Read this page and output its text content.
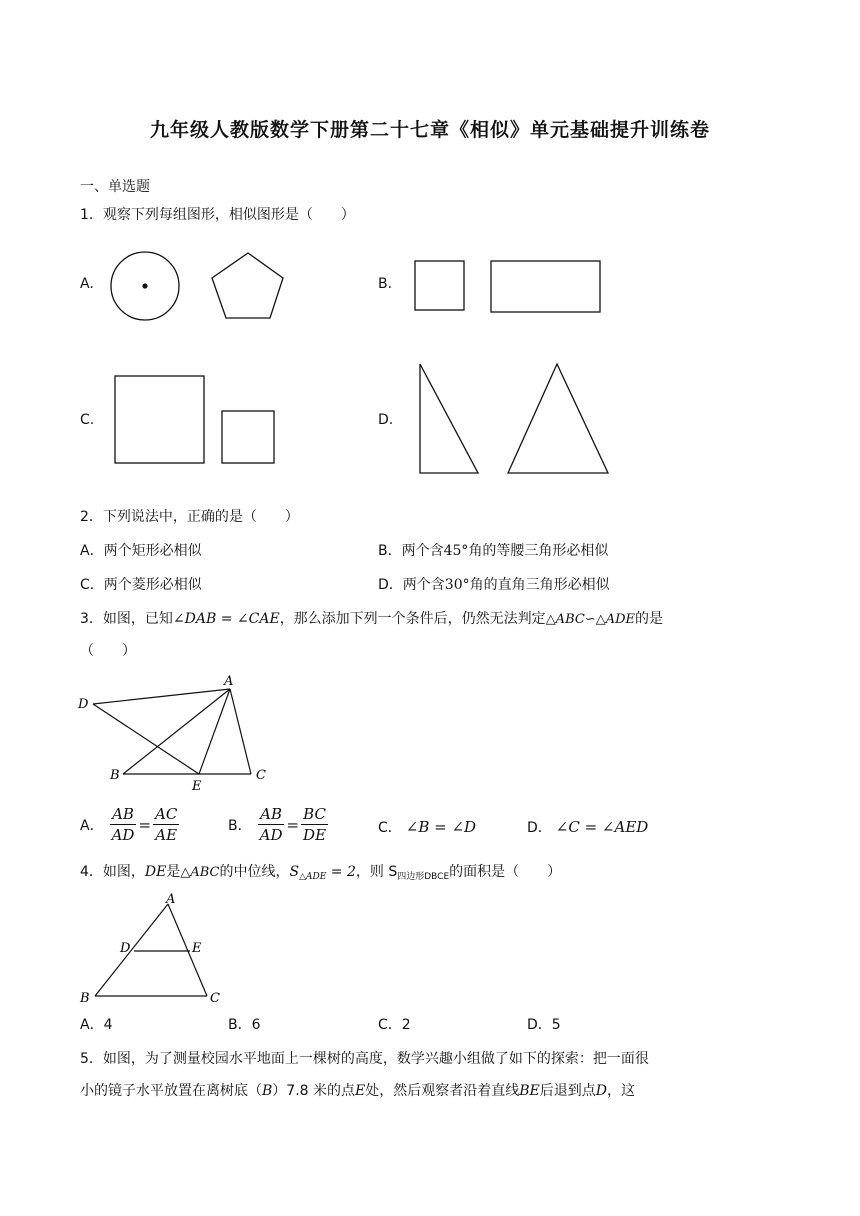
九年级人教版数学下册第二十七章《相似》单元基础提升训练卷
一、单选题
1．观察下列每组图形，相似图形是（　　）
A.	B.
C.	D.
2．下列说法中，正确的是（　　）
A．两个矩形必相似	B．两个含45°角的等腰三角形必相似
C．两个菱形必相似	D．两个含30°角的直角三角形必相似
3．如图，已知∠DAB = ∠CAE，那么添加下列一个条件后，仍然无法判定△ABC∽△ADE的是
（　　）
A
D
B
E
C
A． $\frac{AB}{AD} = \frac{AC}{AE}$	B． $\frac{AB}{AD} = \frac{BC}{DE}$	C． ∠B = ∠D	D． ∠C = ∠AED
4．如图，DE是△ABC的中位线，$S_{\triangle ADE} = 2$，则 $S_{四边形DBCE}$的面积是（　　）
A
D	E
B	C
A．4	B．6	C．2	D．5
5．如图，为了测量校园水平地面上一棵树的高度，数学兴趣小组做了如下的探索：把一面很
小的镜子水平放置在离树底（B）7.8 米的点E处，然后观察者沿着直线BE后退到点D，这
